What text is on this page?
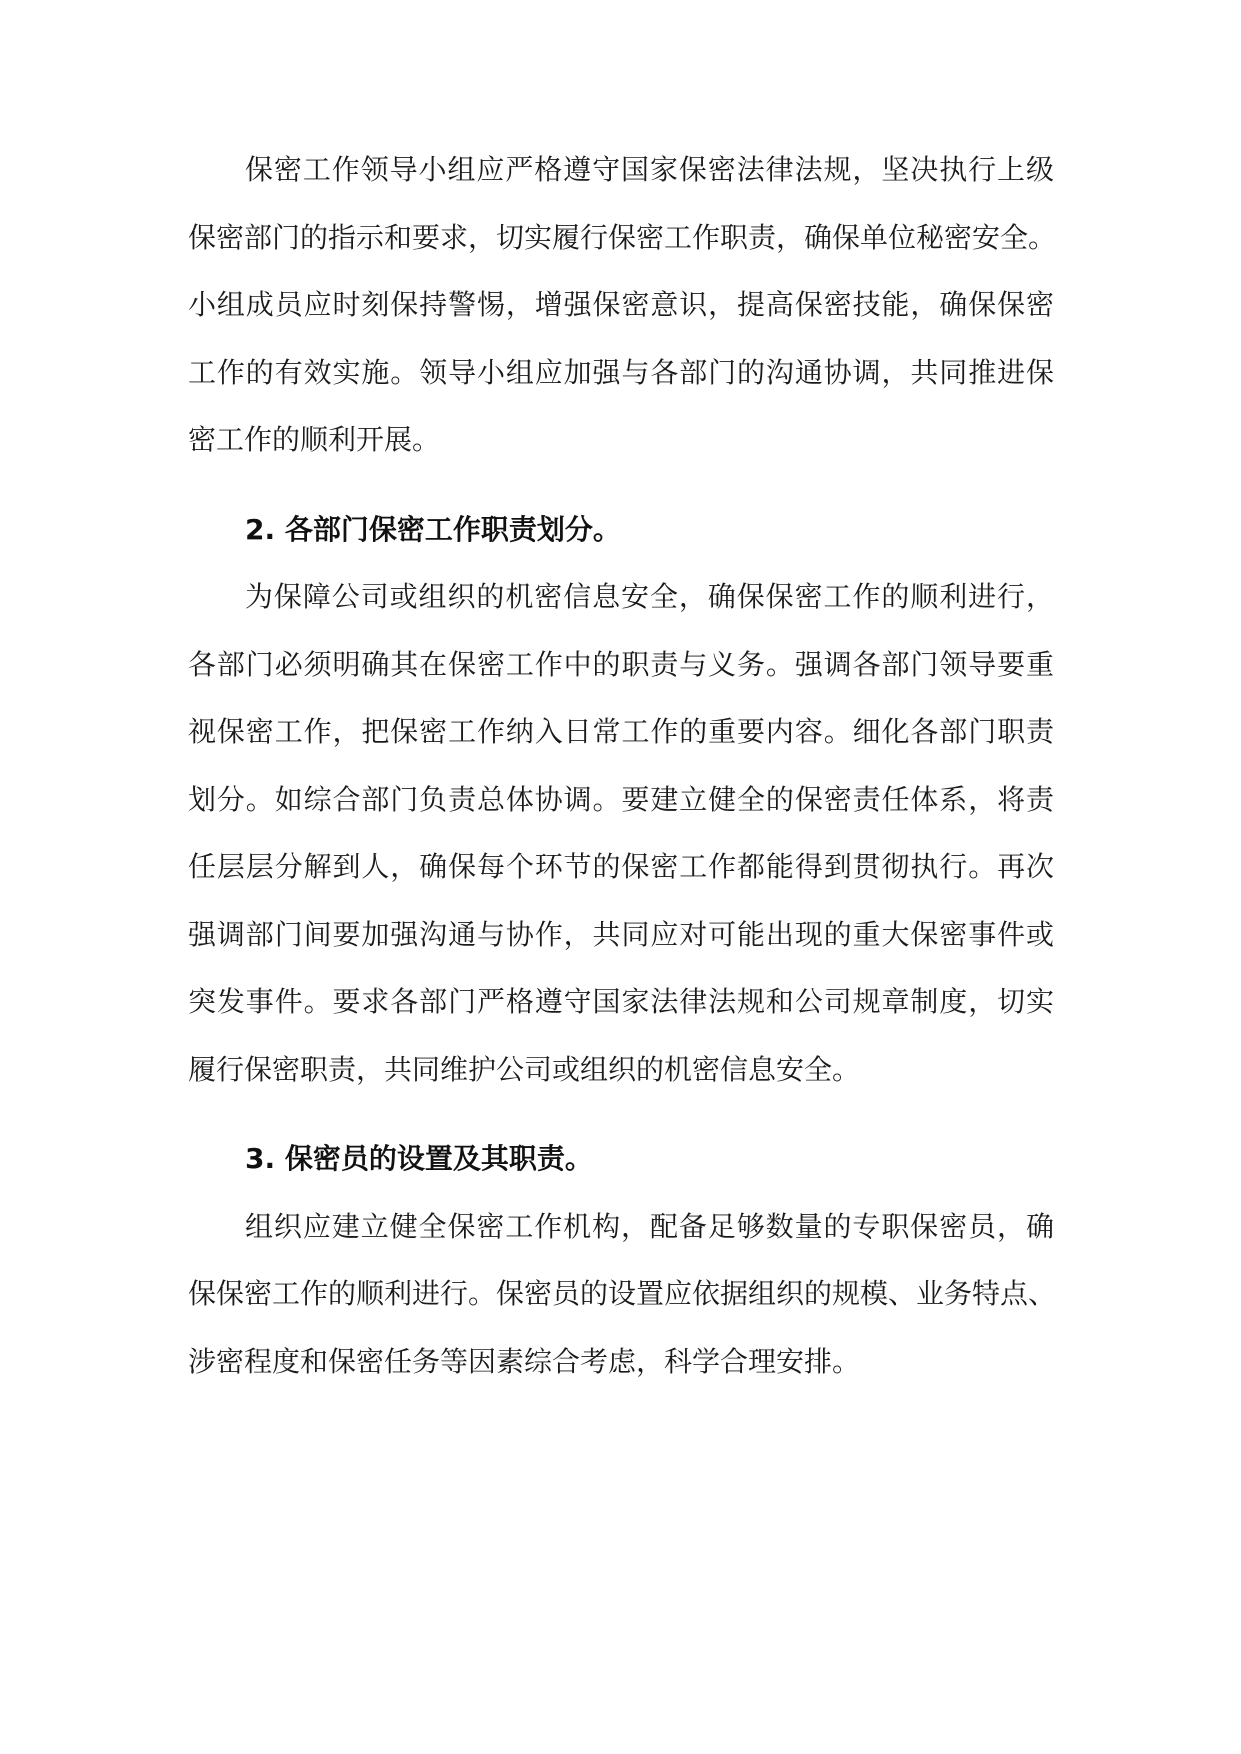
保密工作领导小组应严格遵守国家保密法律法规，坚决执行上级
保密部门的指示和要求，切实履行保密工作职责，确保单位秘密安全。
小组成员应时刻保持警惕，增强保密意识，提高保密技能，确保保密
工作的有效实施。领导小组应加强与各部门的沟通协调，共同推进保
密工作的顺利开展。
2. 各部门保密工作职责划分。
为保障公司或组织的机密信息安全，确保保密工作的顺利进行，
各部门必须明确其在保密工作中的职责与义务。强调各部门领导要重
视保密工作，把保密工作纳入日常工作的重要内容。细化各部门职责
划分。如综合部门负责总体协调。要建立健全的保密责任体系，将责
任层层分解到人，确保每个环节的保密工作都能得到贯彻执行。再次
强调部门间要加强沟通与协作，共同应对可能出现的重大保密事件或
突发事件。要求各部门严格遵守国家法律法规和公司规章制度，切实
履行保密职责，共同维护公司或组织的机密信息安全。
3. 保密员的设置及其职责。
组织应建立健全保密工作机构，配备足够数量的专职保密员，确
保保密工作的顺利进行。保密员的设置应依据组织的规模、业务特点、
涉密程度和保密任务等因素综合考虑，科学合理安排。
